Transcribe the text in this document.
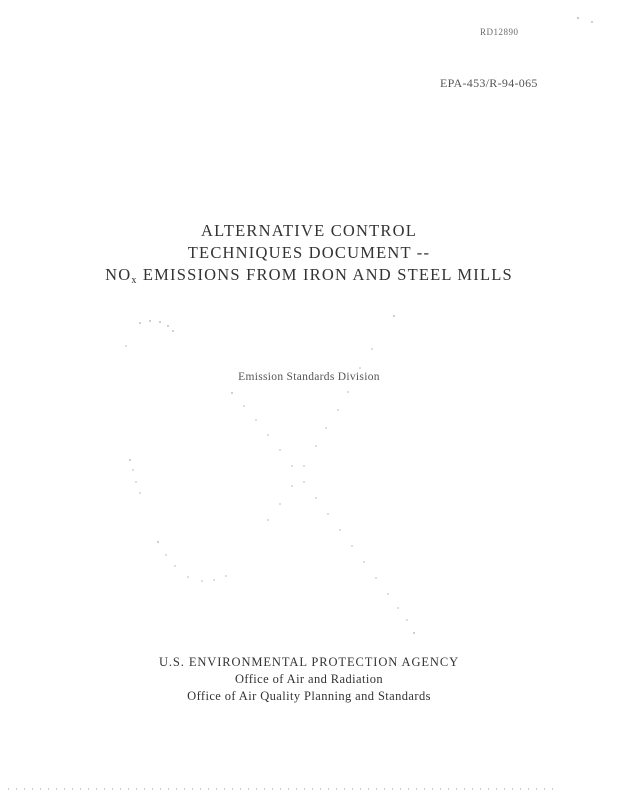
RD12890
EPA-453/R-94-065
ALTERNATIVE CONTROL
TECHNIQUES DOCUMENT --
$NO_x$ EMISSIONS FROM IRON AND STEEL MILLS
Emission Standards Division
U.S. ENVIRONMENTAL PROTECTION AGENCY
Office of Air and Radiation
Office of Air Quality Planning and Standards
